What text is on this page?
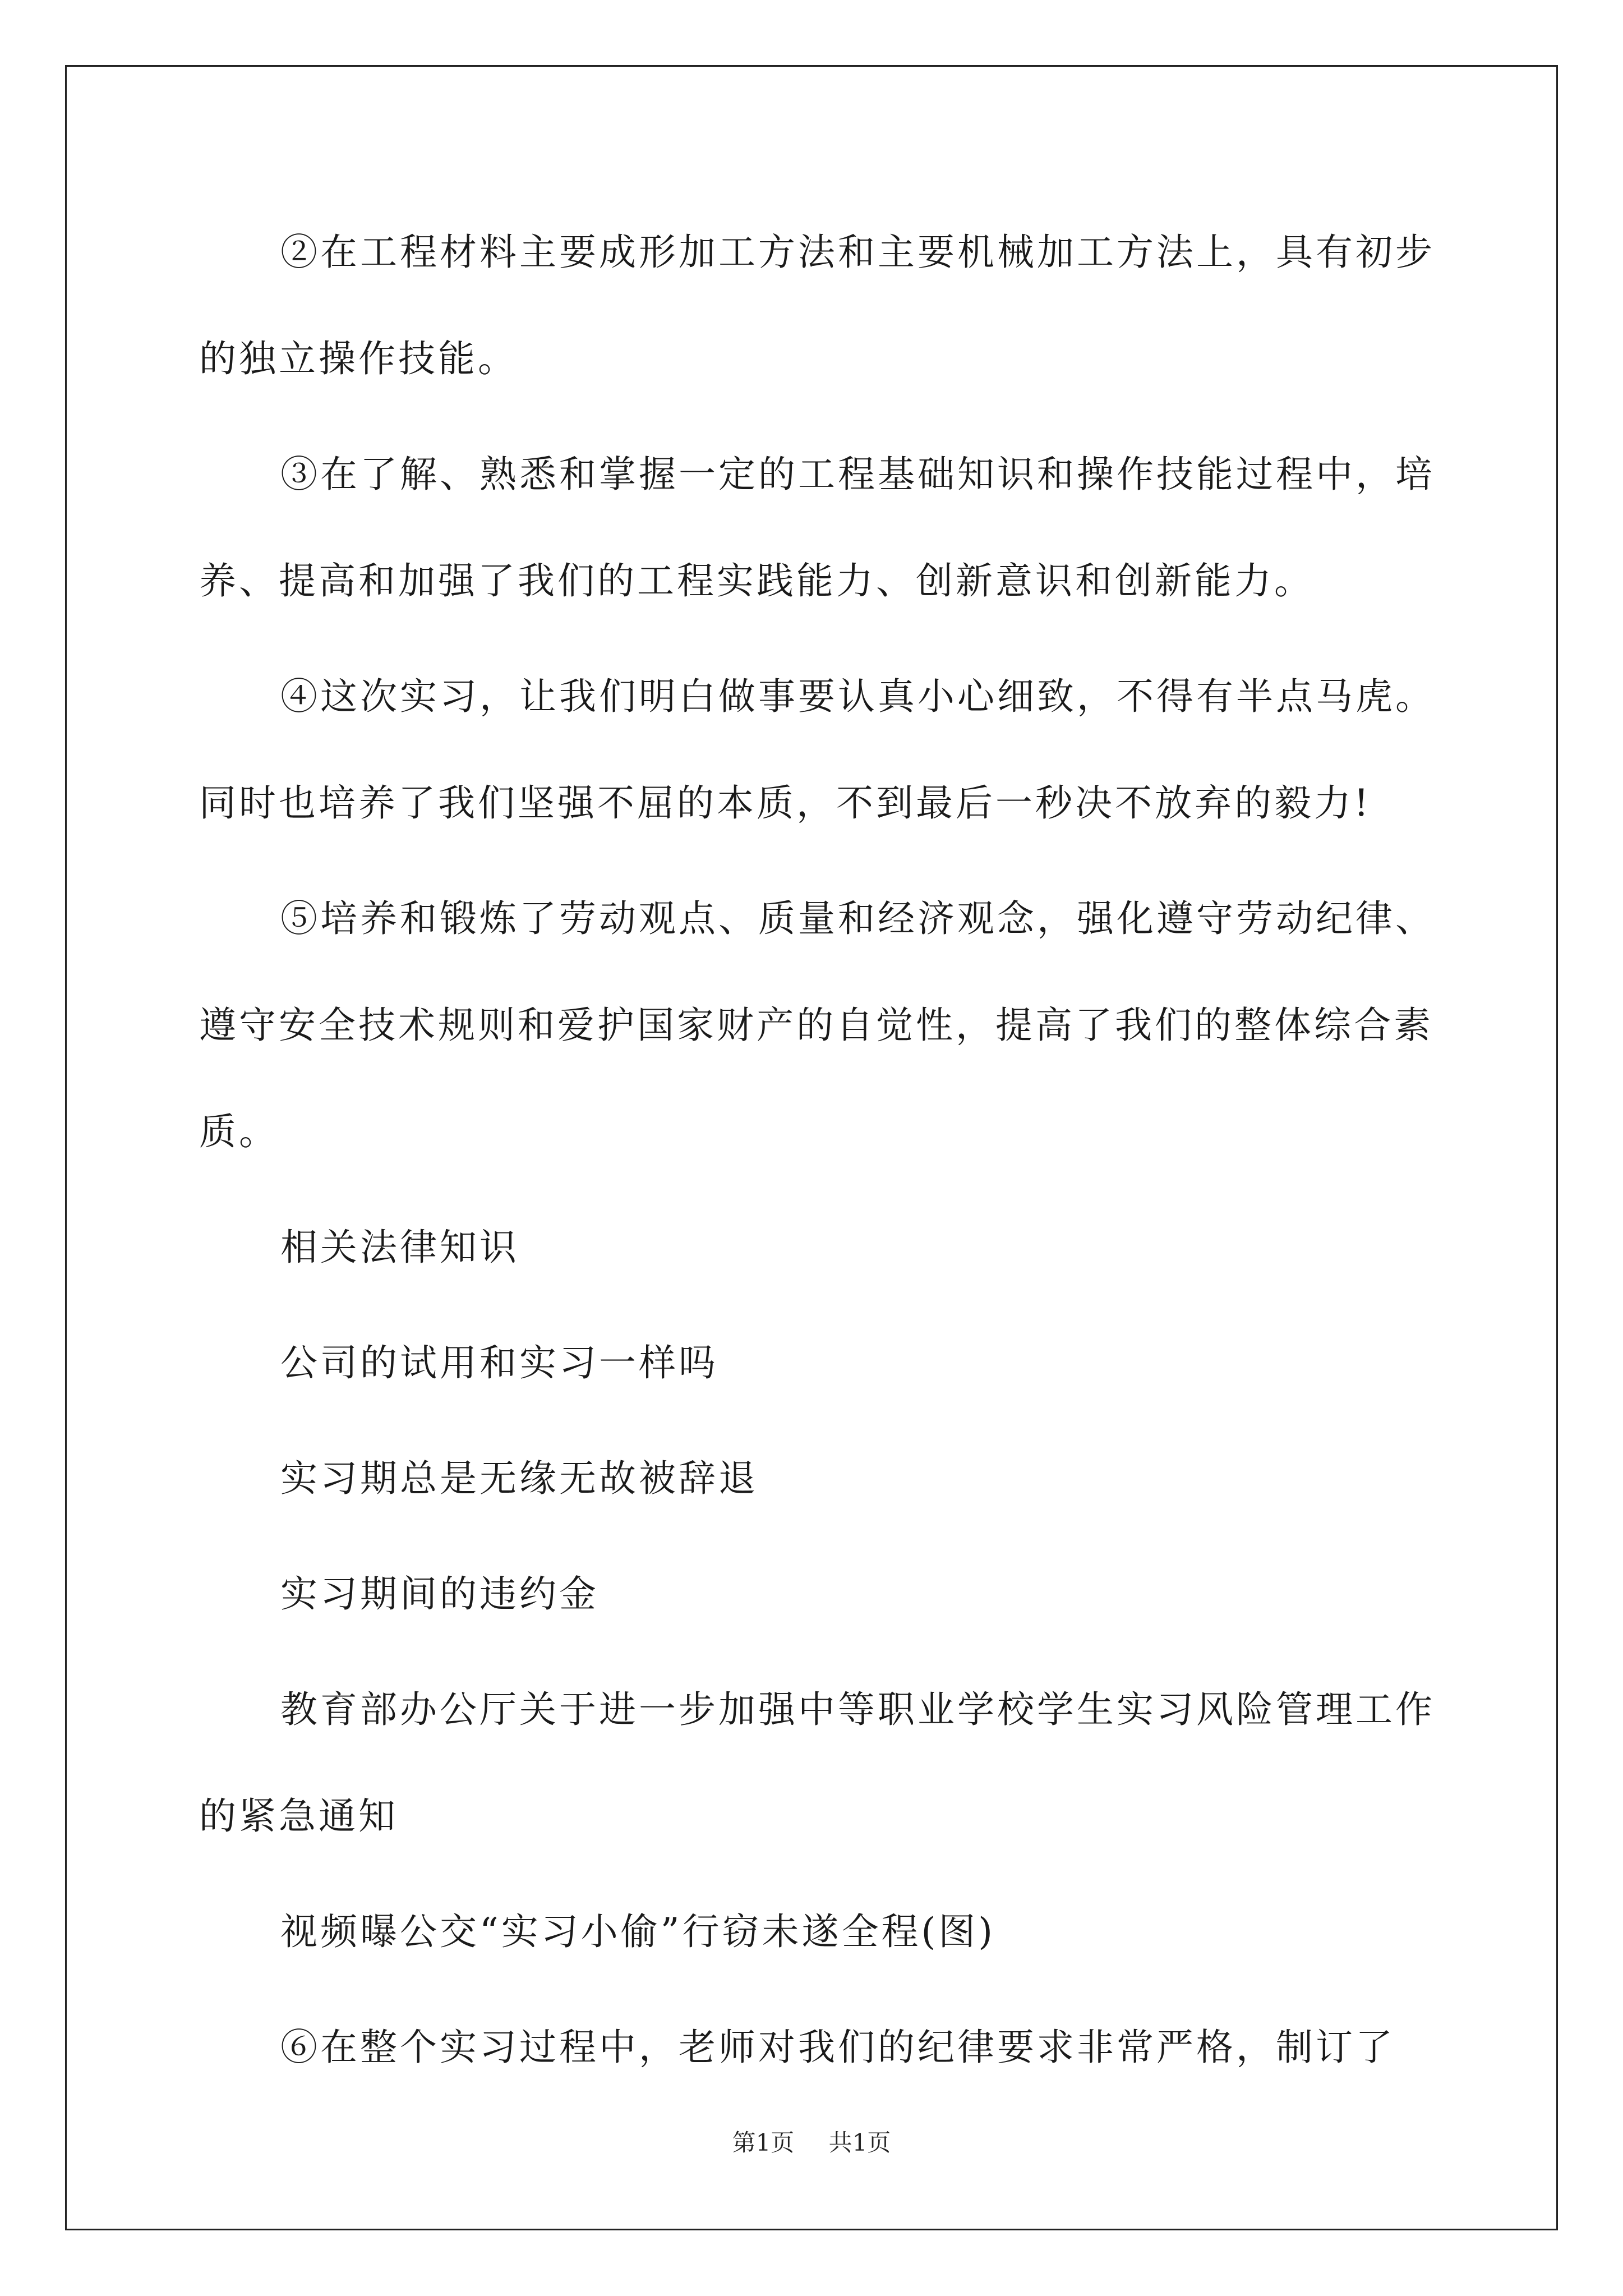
②在工程材料主要成形加工方法和主要机械加工方法上，具有初步的独立操作技能。

③在了解、熟悉和掌握一定的工程基础知识和操作技能过程中，培养、提高和加强了我们的工程实践能力、创新意识和创新能力。

④这次实习，让我们明白做事要认真小心细致，不得有半点马虎。同时也培养了我们坚强不屈的本质，不到最后一秒决不放弃的毅力!

⑤培养和锻炼了劳动观点、质量和经济观念，强化遵守劳动纪律、遵守安全技术规则和爱护国家财产的自觉性，提高了我们的整体综合素质。

相关法律知识

公司的试用和实习一样吗

实习期总是无缘无故被辞退

实习期间的违约金

教育部办公厅关于进一步加强中等职业学校学生实习风险管理工作的紧急通知

视频曝公交“实习小偷”行窃未遂全程(图)

⑥在整个实习过程中，老师对我们的纪律要求非常严格，制订了

第1页 共1页
